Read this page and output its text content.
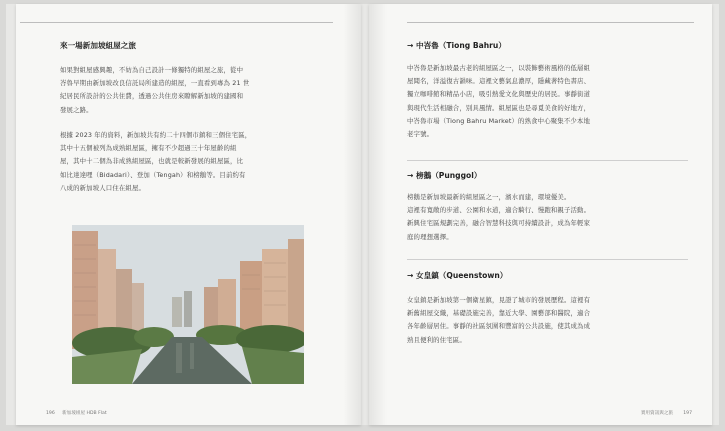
來一場新加坡組屋之旅
如果對組屋感興趣，不妨為自己設計一條獨特的組屋之旅，從中
峇魯早期由新加坡改良信託局所建造的組屋，一直看到專為 21 世
紀居民所設計的公共住費，透過公共住房來瞭解新加坡的建國和
發展之路。
根據 2023 年的資料，新加坡共有約二十四個市鎮和三個住宅區，
其中十五個被列為成熟組屋區，擁有不少超過三十年屋齡的組
屋，其中十二個為非成熟組屋區，也就是較新發展的組屋區，比
如比達達哩（Bidadari）、登加（Tengah）和榜鵝等。目前約有
八成的新加坡人口住在組屋。
196 新加坡組屋 HDB Flat
→ 中峇魯（Tiong Bahru）
中峇魯是新加坡最古老的組屋區之一，以裝飾藝術風格的低層組
屋聞名，洋溢復古韻味。這裡文藝氣息濃厚，隱藏著特色書店、
獨立咖啡館和精品小店，吸引熱愛文化與歷史的居民。事靜街道
與現代生活相融合，別具風情。組屋區也是尋覓美食的好地方，
中峇魯市場（Tiong Bahru Market）的熟食中心聚集不少本地
老字號。
→ 榜鵝（Punggol）
榜鵝是新加坡最新的組屋區之一，濱水而建，環境優美。
這裡有寬敞的步道、公園和水道，適合騎行、慢跑和親子活動。
新興住宅區規劃完善，融合智慧科技與可持續設計，成為年輕家
庭的理想選擇。
→ 女皇鎮（Queenstown）
女皇鎮是新加坡第一個衛星鎮，見證了城市的發展歷程。這裡有
新舊組屋交織，基礎設施完善，靠近大學、園藝部和醫院，適合
各年齡層居住。事靜的社區氛圍和豐富的公共設施，使其成為成
熟且便利的住宅區。
實用資訊與之旅 197
